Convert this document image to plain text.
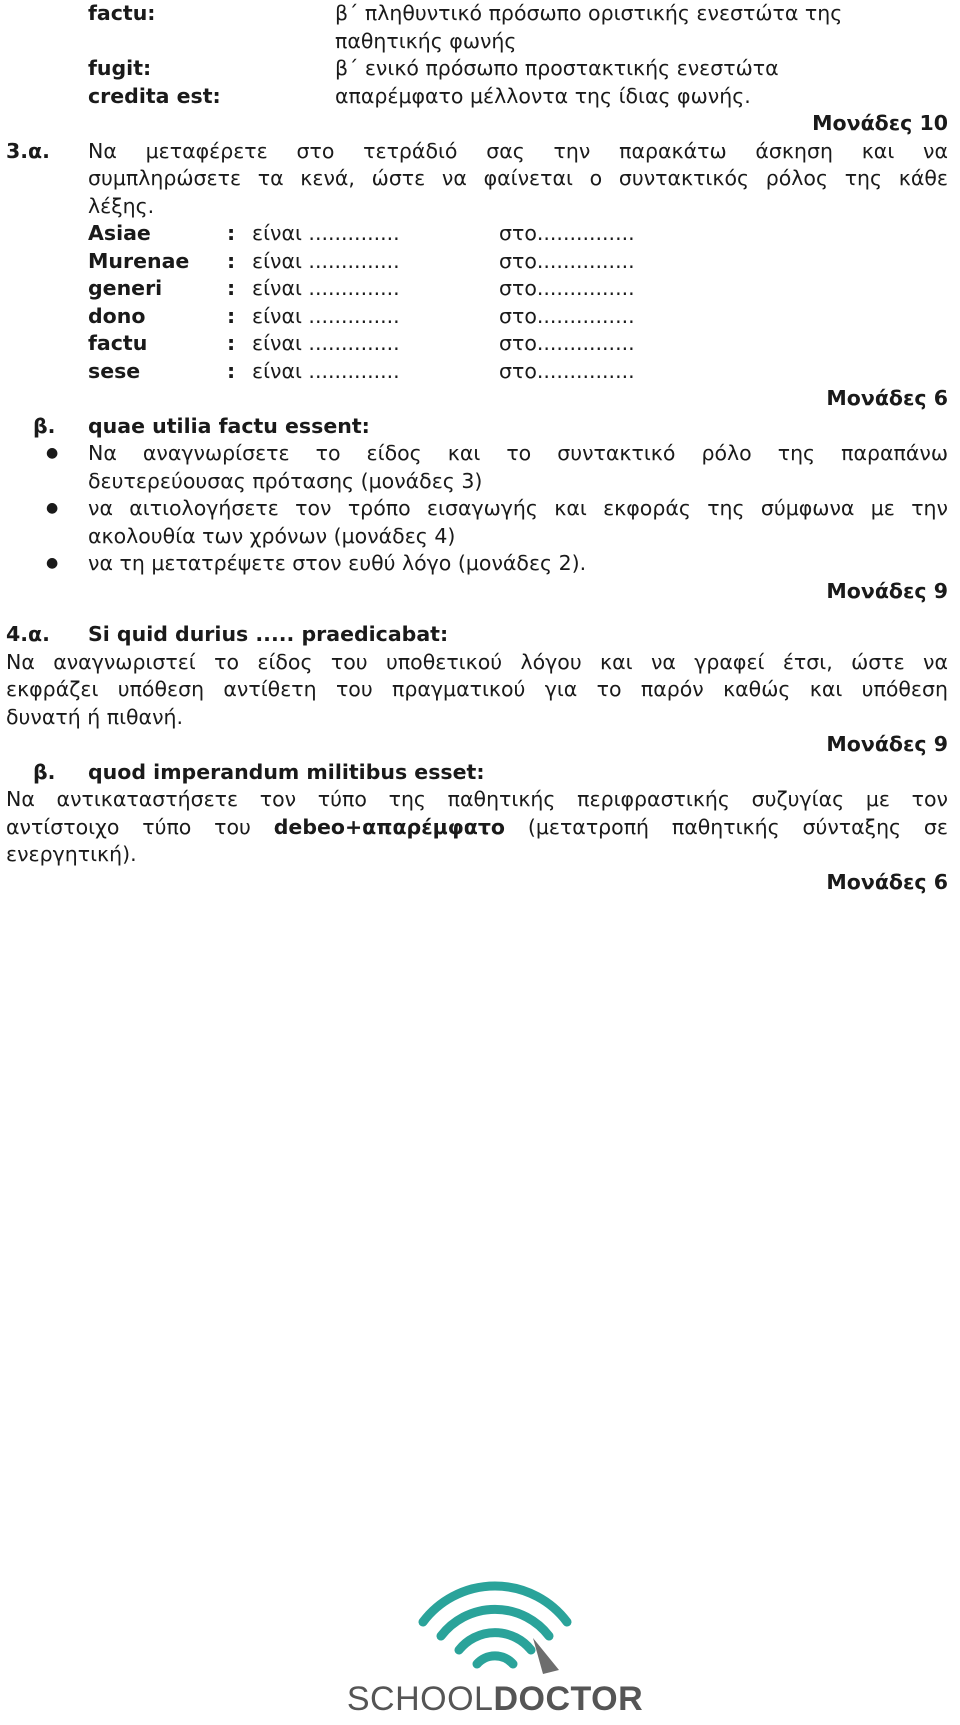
factu:	β΄ πληθυντικό πρόσωπο οριστικής ενεστώτα της
παθητικής φωνής
fugit:	β΄ ενικό πρόσωπο προστακτικής ενεστώτα
credita est:	απαρέμφατο μέλλοντα της ίδιας φωνής.
Μονάδες 10
3.α. Να μεταφέρετε στο τετράδιό σας την παρακάτω άσκηση και να
συμπληρώσετε τα κενά, ώστε να φαίνεται ο συντακτικός ρόλος της κάθε
λέξης.
Asiae	: είναι ..............	στο...............
Murenae : είναι ..............	στο...............
generi	: είναι ..............	στο...............
dono	: είναι ..............	στο...............
factu	: είναι ..............	στο...............
sese	: είναι ..............	στο...............
Μονάδες 6
β. quae utilia factu essent:
● Να αναγνωρίσετε το είδος και το συντακτικό ρόλο της παραπάνω
δευτερεύουσας πρότασης (μονάδες 3)
● να αιτιολογήσετε τον τρόπο εισαγωγής και εκφοράς της σύμφωνα με την
ακολουθία των χρόνων (μονάδες 4)
● να τη μετατρέψετε στον ευθύ λόγο (μονάδες 2).
Μονάδες 9
4.α. Si quid durius ..... praedicabat:
Να αναγνωριστεί το είδος του υποθετικού λόγου και να γραφεί έτσι, ώστε να
εκφράζει υπόθεση αντίθετη του πραγματικού για το παρόν καθώς και υπόθεση
δυνατή ή πιθανή.
Μονάδες 9
β. quod imperandum militibus esset:
Να αντικαταστήσετε τον τύπο της παθητικής περιφραστικής συζυγίας με τον
αντίστοιχο τύπο του debeo+απαρέμφατο (μετατροπή παθητικής σύνταξης σε
ενεργητική).
Μονάδες 6
SCHOOLDOCTOR
